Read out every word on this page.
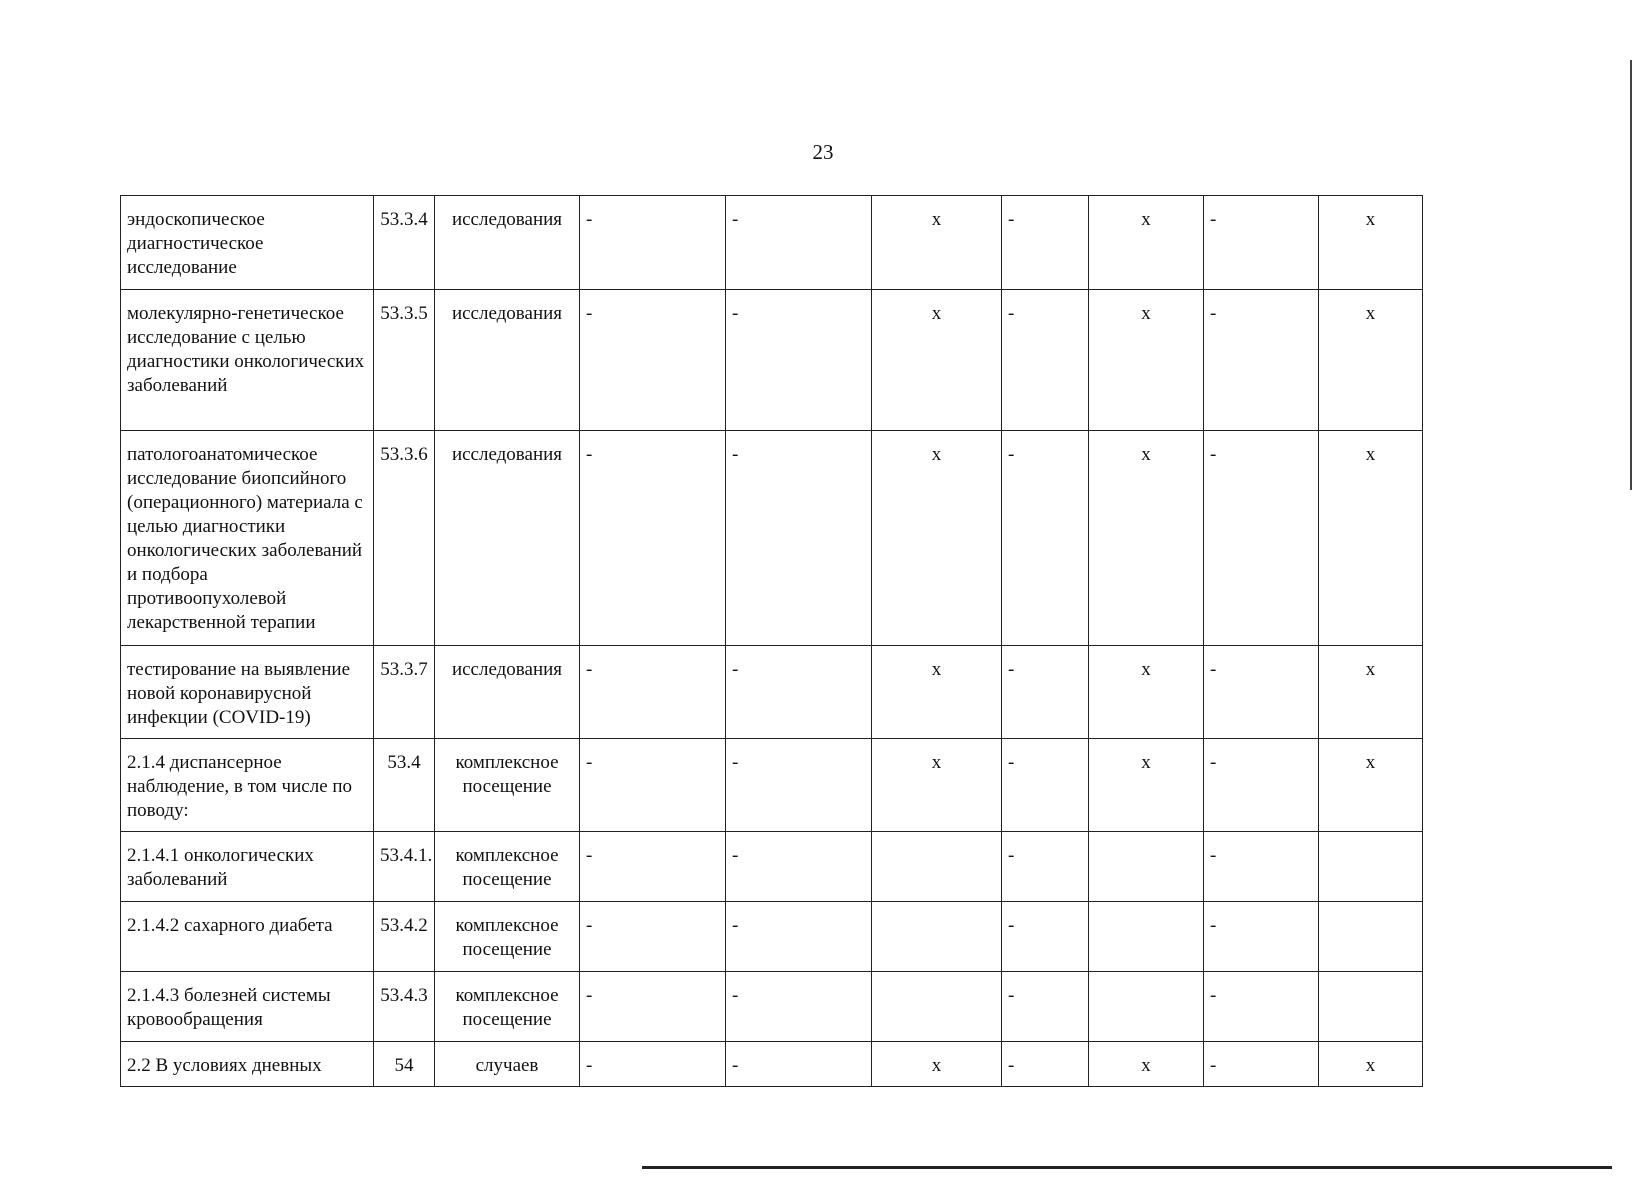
23
эндоскопическое диагностическое исследование	53.3.4	исследования	-	-	х	-	х	-	х
молекулярно-генетическое исследование с целью диагностики онкологических заболеваний	53.3.5	исследования	-	-	х	-	х	-	х
патологоанатомическое исследование биопсийного (операционного) материала с целью диагностики онкологических заболеваний и подбора противоопухолевой лекарственной терапии	53.3.6	исследования	-	-	х	-	х	-	х
тестирование на выявление новой коронавирусной инфекции (COVID-19)	53.3.7	исследования	-	-	х	-	х	-	х
2.1.4 диспансерное наблюдение, в том числе по поводу:	53.4	комплексное посещение	-	-	х	-	х	-	х
2.1.4.1 онкологических заболеваний	53.4.1.	комплексное посещение	-	-		-		-	
2.1.4.2 сахарного диабета	53.4.2	комплексное посещение	-	-		-		-	
2.1.4.3 болезней системы кровообращения	53.4.3	комплексное посещение	-	-		-		-	
2.2 В условиях дневных	54	случаев	-	-	х	-	х	-	х
